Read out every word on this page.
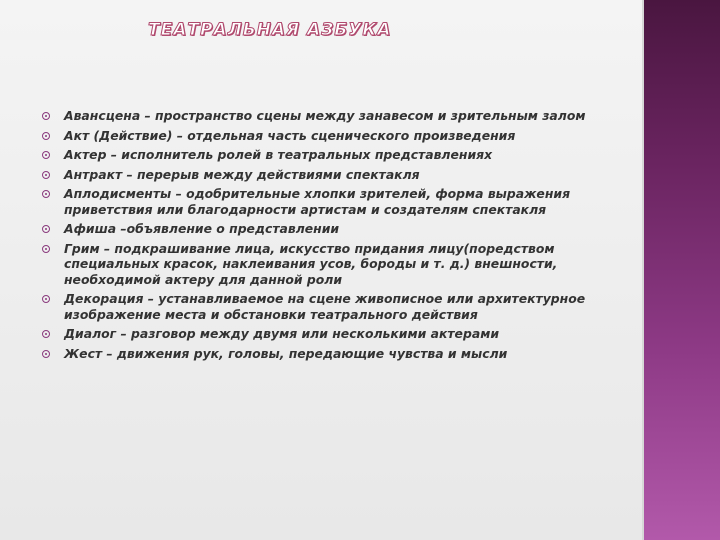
ТЕАТРАЛЬНАЯ АЗБУКА
Авансцена – пространство сцены между занавесом и зрительным залом
Акт (Действие) – отдельная часть сценического произведения
Актер – исполнитель ролей в театральных представлениях
Антракт – перерыв между действиями спектакля
Аплодисменты – одобрительные хлопки зрителей, форма выражения приветствия или благодарности артистам и создателям спектакля
Афиша –объявление о представлении
Грим – подкрашивание лица, искусство придания лицу(поредством специальных красок, наклеивания усов, бороды и т. д.) внешности, необходимой актеру для данной роли
Декорация – устанавливаемое на сцене живописное или архитектурное изображение места и обстановки театрального действия
Диалог – разговор между двумя или несколькими актерами
Жест – движения рук, головы, передающие чувства и мысли
